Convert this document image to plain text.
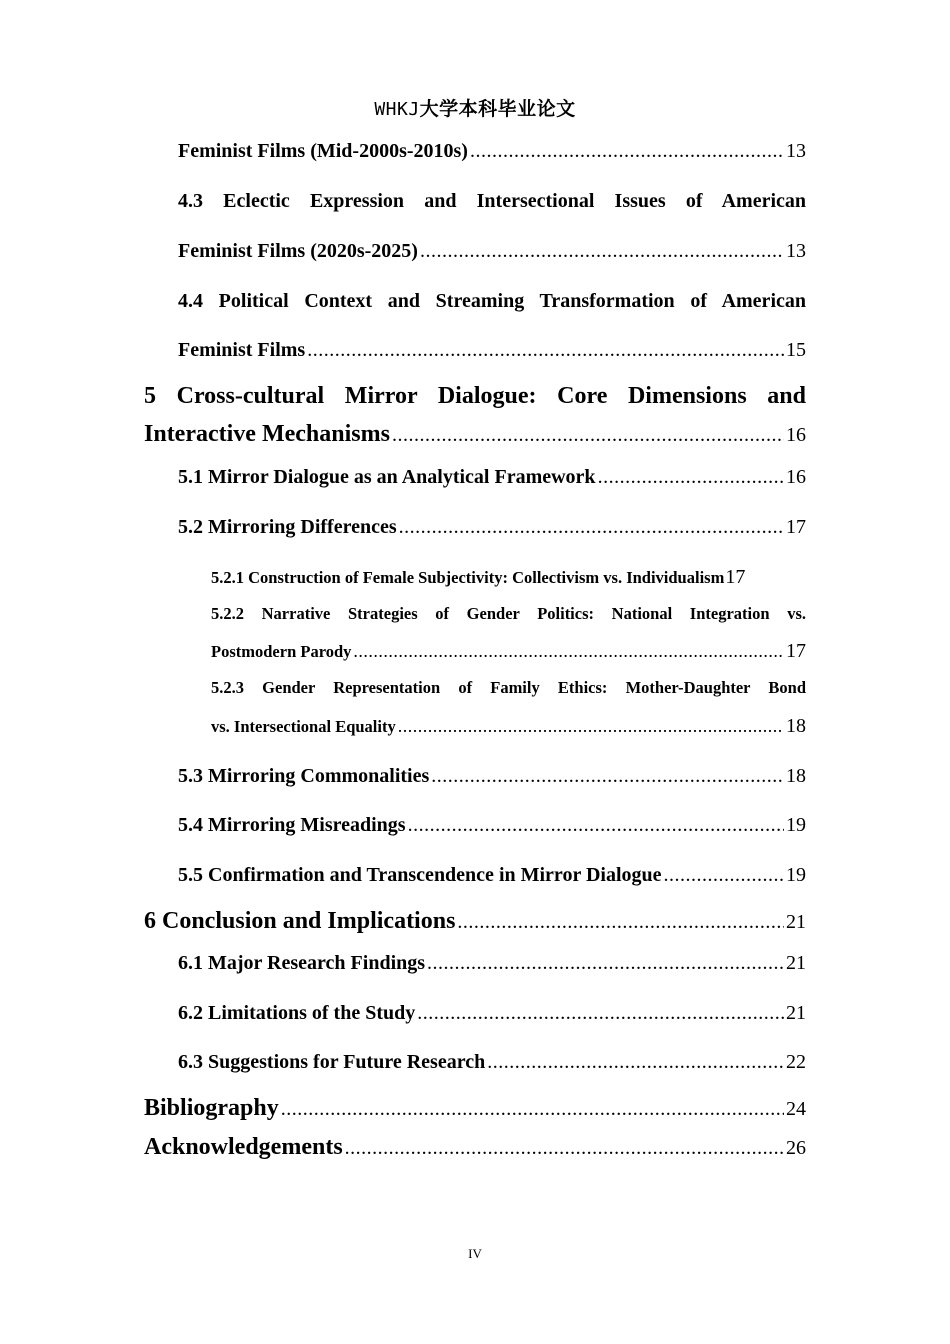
WHKJ大学本科毕业论文
Feminist Films (Mid-2000s-2010s) .....	13
4.3 Eclectic Expression and Intersectional Issues of American
Feminist Films (2020s-2025) .....	13
4.4 Political Context and Streaming Transformation of American
Feminist Films .....	15
5 Cross-cultural Mirror Dialogue: Core Dimensions and
Interactive Mechanisms .....	16
5.1 Mirror Dialogue as an Analytical Framework .....	16
5.2 Mirroring Differences .....	17
5.2.1 Construction of Female Subjectivity: Collectivism vs. Individualism 17
5.2.2 Narrative Strategies of Gender Politics: National Integration vs.
Postmodern Parody .....	17
5.2.3 Gender Representation of Family Ethics: Mother-Daughter Bond
vs. Intersectional Equality .....	18
5.3 Mirroring Commonalities .....	18
5.4 Mirroring Misreadings .....	19
5.5 Confirmation and Transcendence in Mirror Dialogue .....	19
6 Conclusion and Implications .....	21
6.1 Major Research Findings .....	21
6.2 Limitations of the Study .....	21
6.3 Suggestions for Future Research .....	22
Bibliography .....	24
Acknowledgements .....	26
IV
